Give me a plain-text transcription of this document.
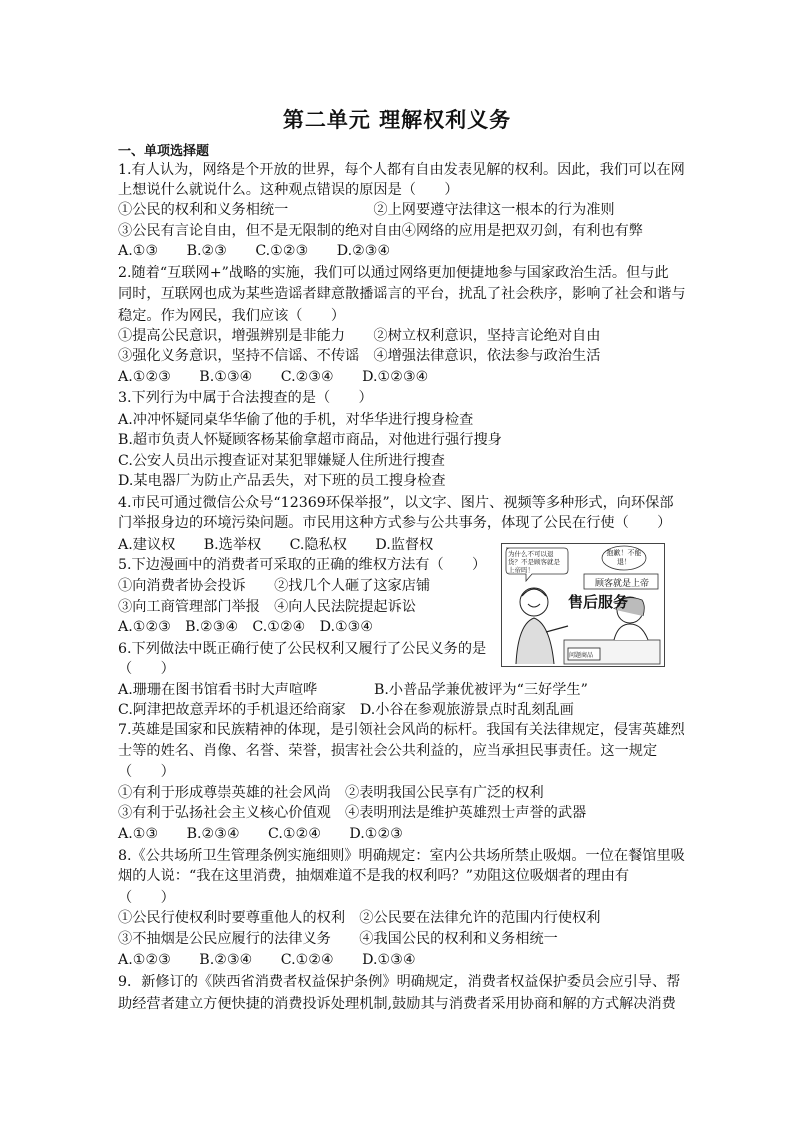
第二单元 理解权利义务
一、单项选择题
1.有人认为，网络是个开放的世界，每个人都有自由发表见解的权利。因此，我们可以在网
上想说什么就说什么。这种观点错误的原因是（　　）
①公民的权利和义务相统一　　　　　　②上网要遵守法律这一根本的行为准则
③公民有言论自由，但不是无限制的绝对自由④网络的应用是把双刃剑，有利也有弊
A.①③　　B.②③　　C.①②③　　D.②③④
2.随着“互联网+”战略的实施，我们可以通过网络更加便捷地参与国家政治生活。但与此
同时，互联网也成为某些造谣者肆意散播谣言的平台，扰乱了社会秩序，影响了社会和谐与
稳定。作为网民，我们应该（　　）
①提高公民意识，增强辨别是非能力　　②树立权利意识，坚持言论绝对自由
③强化义务意识，坚持不信谣、不传谣　④增强法律意识，依法参与政治生活
A.①②③　　B.①③④　　C.②③④　　D.①②③④
3.下列行为中属于合法搜查的是（　　）
A.冲冲怀疑同桌华华偷了他的手机，对华华进行搜身检查
B.超市负责人怀疑顾客杨某偷拿超市商品，对他进行强行搜身
C.公安人员出示搜查证对某犯罪嫌疑人住所进行搜查
D.某电器厂为防止产品丢失，对下班的员工搜身检查
4.市民可通过微信公众号“12369环保举报”，以文字、图片、视频等多种形式，向环保部
门举报身边的环境污染问题。市民用这种方式参与公共事务，体现了公民在行使（　　）
A.建议权　　B.选举权　　C.隐私权　　D.监督权
5.下边漫画中的消费者可采取的正确的维权方法有（　　）
①向消费者协会投诉　　②找几个人砸了这家店铺
③向工商管理部门举报　④向人民法院提起诉讼
A.①②③　B.②③④　C.①②④　D.①③④
6.下列做法中既正确行使了公民权利又履行了公民义务的是
（　　）
A.珊珊在图书馆看书时大声喧哗　　　　B.小普品学兼优被评为“三好学生”
C.阿津把故意弄坏的手机退还给商家　D.小谷在参观旅游景点时乱刻乱画
7.英雄是国家和民族精神的体现，是引领社会风尚的标杆。我国有关法律规定，侵害英雄烈
士等的姓名、肖像、名誉、荣誉，损害社会公共利益的，应当承担民事责任。这一规定
（　　）
①有利于形成尊崇英雄的社会风尚　②表明我国公民享有广泛的权利
③有利于弘扬社会主义核心价值观　④表明刑法是维护英雄烈士声誉的武器
A.①③　　B.②③④　　C.①②④　　D.①②③
8.《公共场所卫生管理条例实施细则》明确规定：室内公共场所禁止吸烟。一位在餐馆里吸
烟的人说：“我在这里消费，抽烟难道不是我的权利吗？”劝阻这位吸烟者的理由有
（　　）
①公民行使权利时要尊重他人的权利　②公民要在法律允许的范围内行使权利
③不抽烟是公民应履行的法律义务　　④我国公民的权利和义务相统一
A.①②③　　B.②③④　　C.①②④　　D.①③④
9．新修订的《陕西省消费者权益保护条例》明确规定，消费者权益保护委员会应引导、帮
助经营者建立方便快捷的消费投诉处理机制,鼓励其与消费者采用协商和解的方式解决消费
为什么不可以退货？不是顾客就是上帝吗！
抱歉！不能退！
顾客就是上帝
售后服务
问题商品
